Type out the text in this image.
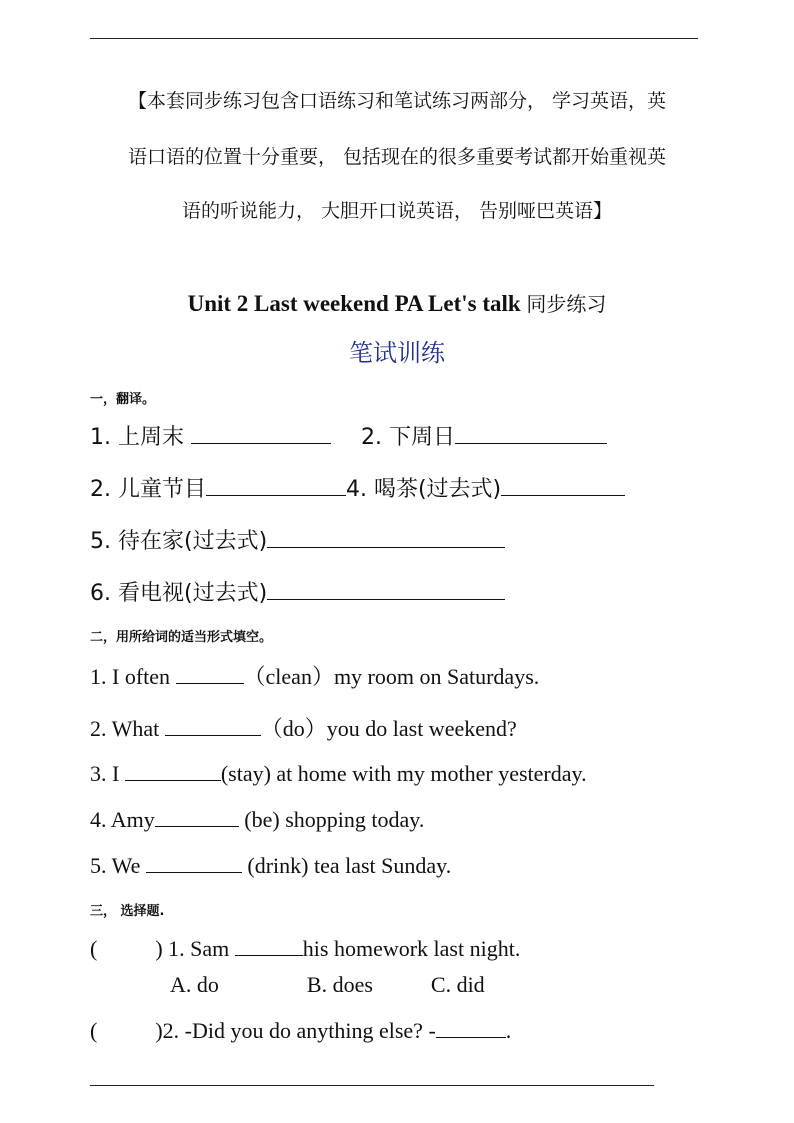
【本套同步练习包含口语练习和笔试练习两部分， 学习英语，英
语口语的位置十分重要， 包括现在的很多重要考试都开始重视英
语的听说能力， 大胆开口说英语， 告别哑巴英语】
Unit 2 Last weekend PA Let's talk 同步练习
笔试训练
一，翻译。
1. 上周末	2. 下周日
2. 儿童节目	4. 喝茶(过去式)
5. 待在家(过去式)
6. 看电视(过去式)
二，用所给词的适当形式填空。
1. I often	（clean）my room on Saturdays.
2. What	（do）you do last weekend?
3. I	(stay) at home with my mother yesterday.
4. Amy	(be) shopping today.
5. We	(drink) tea last Sunday.
三， 选择题.
(	) 1. Sam	his homework last night.
A. do	B. does	C. did
(	)2. -Did you do anything else? -	.
